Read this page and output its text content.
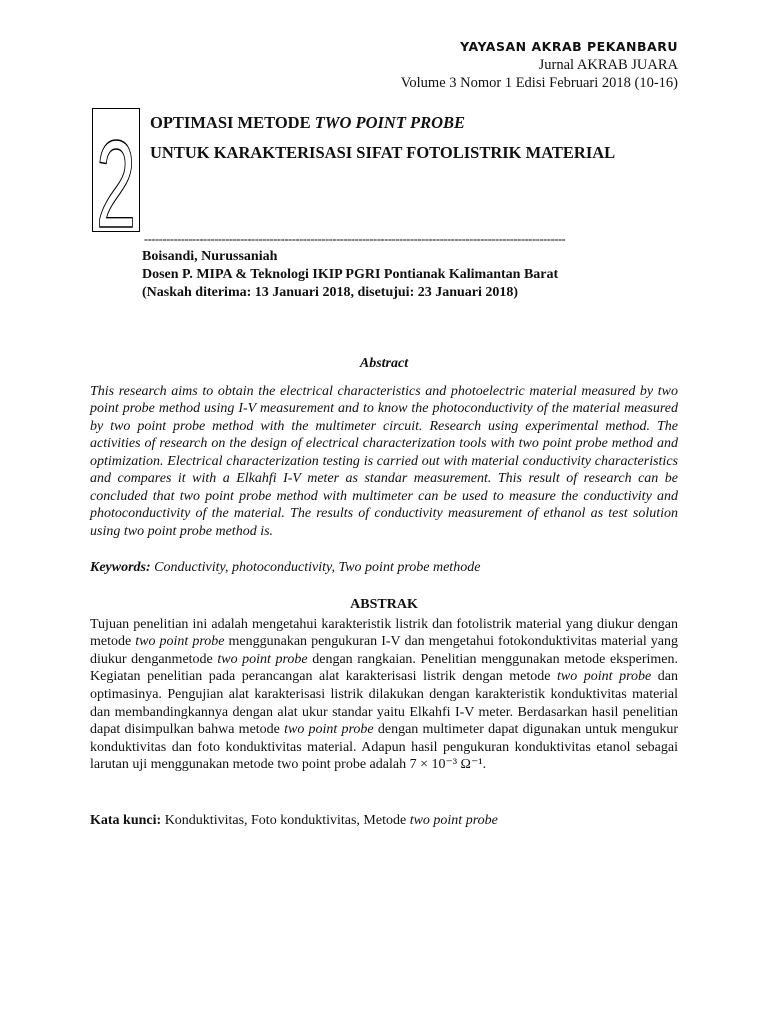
YAYASAN AKRAB PEKANBARU
Jurnal AKRAB JUARA
Volume 3 Nomor 1 Edisi Februari 2018 (10-16)
2 OPTIMASI METODE TWO POINT PROBE
UNTUK KARAKTERISASI SIFAT FOTOLISTRIK MATERIAL
------------------------------------------------------------------------------------------------------------------
Boisandi, Nurussaniah
Dosen P. MIPA & Teknologi IKIP PGRI Pontianak Kalimantan Barat
(Naskah diterima: 13 Januari 2018, disetujui: 23 Januari 2018)
Abstract

This research aims to obtain the electrical characteristics and photoelectric material measured by two point probe method using I-V measurement and to know the photoconductivity of the material measured by two point probe method with the multimeter circuit. Research using experimental method. The activities of research on the design of electrical characterization tools with two point probe method and optimization. Electrical characterization testing is carried out with material conductivity characteristics and compares it with a Elkahfi I-V meter as standar measurement. This result of research can be concluded that two point probe method with multimeter can be used to measure the conductivity and photoconductivity of the material. The results of conductivity measurement of ethanol as test solution using two point probe method is.

Keywords: Conductivity, photoconductivity, Two point probe methode
ABSTRAK

Tujuan penelitian ini adalah mengetahui karakteristik listrik dan fotolistrik material yang diukur dengan metode two point probe menggunakan pengukuran I-V dan mengetahui fotokonduktivitas material yang diukur denganmetode two point probe dengan rangkaian. Penelitian menggunakan metode eksperimen. Kegiatan penelitian pada perancangan alat karakterisasi listrik dengan metode two point probe dan optimasinya. Pengujian alat karakterisasi listrik dilakukan dengan karakteristik konduktivitas material dan membandingkannya dengan alat ukur standar yaitu Elkahfi I-V meter. Berdasarkan hasil penelitian dapat disimpulkan bahwa metode two point probe dengan multimeter dapat digunakan untuk mengukur konduktivitas dan foto konduktivitas material. Adapun hasil pengukuran konduktivitas etanol sebagai larutan uji menggunakan metode two point probe adalah 7 × 10⁻³ Ω⁻¹.

Kata kunci: Konduktivitas, Foto konduktivitas, Metode two point probe
